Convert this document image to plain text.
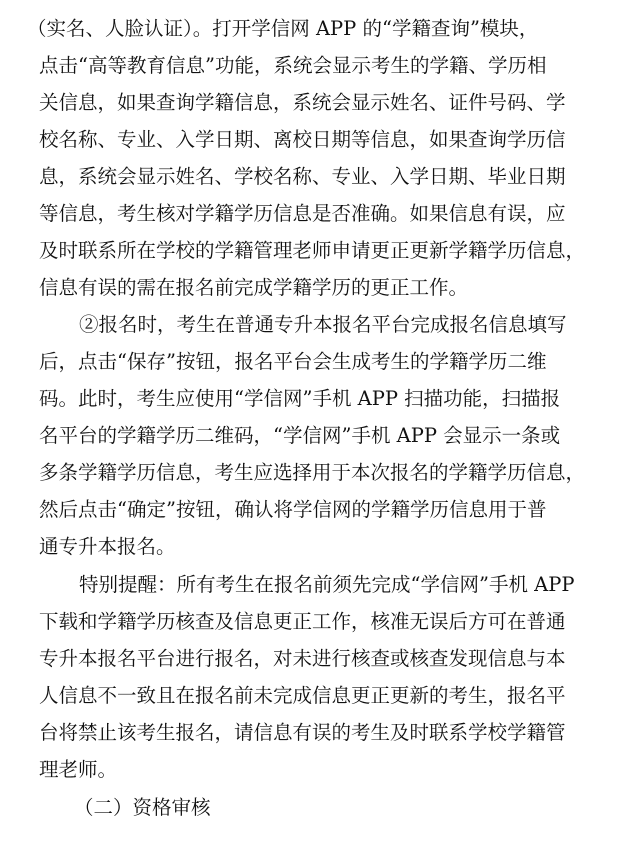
（实名、人脸认证）。打开学信网 APP 的“学籍查询”模块，
点击“高等教育信息”功能，系统会显示考生的学籍、学历相
关信息，如果查询学籍信息，系统会显示姓名、证件号码、学
校名称、专业、入学日期、离校日期等信息，如果查询学历信
息，系统会显示姓名、学校名称、专业、入学日期、毕业日期
等信息，考生核对学籍学历信息是否准确。如果信息有误，应
及时联系所在学校的学籍管理老师申请更正更新学籍学历信息，
信息有误的需在报名前完成学籍学历的更正工作。
②报名时，考生在普通专升本报名平台完成报名信息填写
后，点击“保存”按钮，报名平台会生成考生的学籍学历二维
码。此时，考生应使用“学信网”手机 APP 扫描功能，扫描报
名平台的学籍学历二维码，“学信网”手机 APP 会显示一条或
多条学籍学历信息，考生应选择用于本次报名的学籍学历信息，
然后点击“确定”按钮，确认将学信网的学籍学历信息用于普
通专升本报名。
特别提醒：所有考生在报名前须先完成“学信网”手机 APP
下载和学籍学历核查及信息更正工作，核准无误后方可在普通
专升本报名平台进行报名，对未进行核查或核查发现信息与本
人信息不一致且在报名前未完成信息更正更新的考生，报名平
台将禁止该考生报名，请信息有误的考生及时联系学校学籍管
理老师。
（二）资格审核
